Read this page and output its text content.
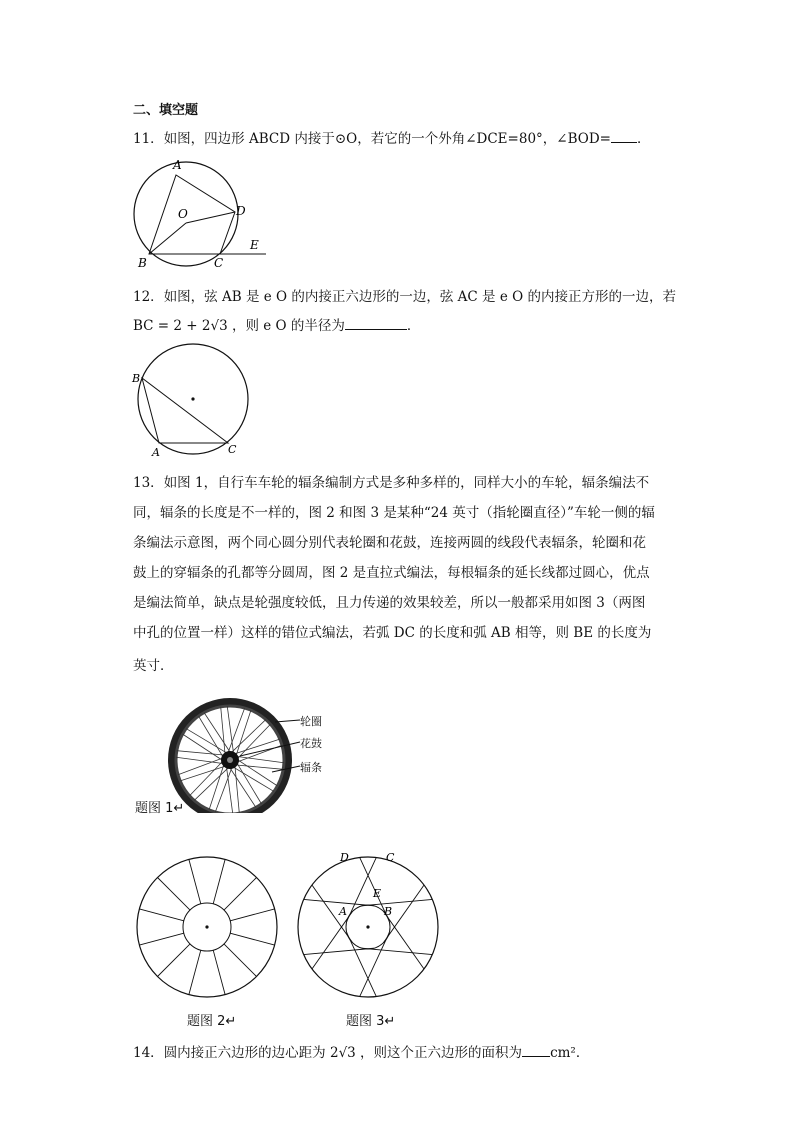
二、填空题
11．如图，四边形 ABCD 内接于⊙O，若它的一个外角∠DCE=80°，∠BOD= ．
A
B	C
D
E
O
12．如图，弦 AB 是 e O 的内接正六边形的一边，弦 AC 是 e O 的内接正方形的一边，若
BC = 2 + 2√3 ，则 e O 的半径为	．
B
A	C
13．如图 1，自行车车轮的辐条编制方式是多种多样的，同样大小的车轮，辐条编法不
同，辐条的长度是不一样的，图 2 和图 3 是某种“24 英寸（指轮圈直径）”车轮一侧的辐
条编法示意图，两个同心圆分别代表轮圈和花鼓，连接两圆的线段代表辐条，轮圈和花
鼓上的穿辐条的孔都等分圆周，图 2 是直拉式编法，每根辐条的延长线都过圆心，优点
是编法简单，缺点是轮强度较低，且力传递的效果较差，所以一般都采用如图 3（两图
中孔的位置一样）这样的错位式编法，若弧 DC 的长度和弧 AB 相等，则 BE 的长度为
英寸．
轮圈
花鼓
辐条
题图 1↵
题图 2↵
D	C
E
A	B
题图 3↵
14．圆内接正六边形的边心距为 2√3 ，则这个正六边形的面积为 cm²．
